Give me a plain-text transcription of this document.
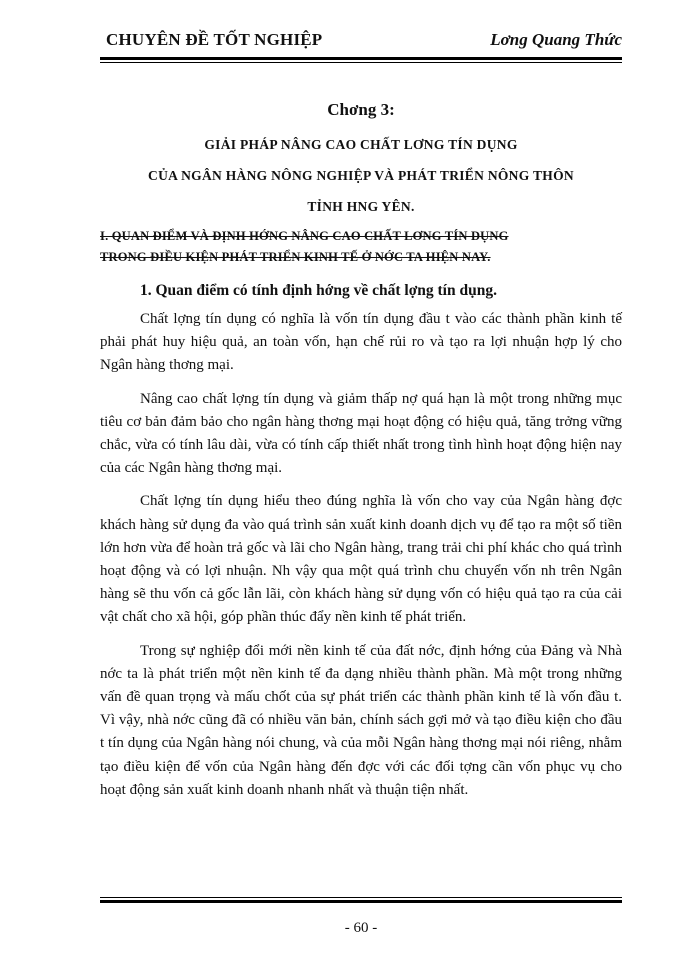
CHUYÊN ĐỀ TỐT NGHIỆP	Lơng Quang Thức
Chơng 3:
GIẢI PHÁP NÂNG CAO CHẤT LƠNG TÍN DỤNG
CỦA NGÂN HÀNG NÔNG NGHIỆP VÀ PHÁT TRIỂN NÔNG THÔN
TỈNH HNG YÊN.
I. QUAN ĐIỂM VÀ ĐỊNH HỚNG NÂNG CAO CHẤT LƠNG TÍN DỤNG
TRONG ĐIỀU KIỆN PHÁT TRIỂN KINH TẾ Ở NỚC TA HIỆN NAY.
1. Quan điểm có tính định hớng về chất lợng tín dụng.

Chất lợng tín dụng có nghĩa là vốn tín dụng đầu t vào các thành phần kinh tế phải phát huy hiệu quả, an toàn vốn, hạn chế rủi ro và tạo ra lợi nhuận hợp lý cho Ngân hàng thơng mại.

Nâng cao chất lợng tín dụng và giảm thấp nợ quá hạn là một trong những mục tiêu cơ bản đảm bảo cho ngân hàng thơng mại hoạt động có hiệu quả, tăng trởng vững chắc, vừa có tính lâu dài, vừa có tính cấp thiết nhất trong tình hình hoạt động hiện nay của các Ngân hàng thơng mại.

Chất lợng tín dụng hiểu theo đúng nghĩa là vốn cho vay của Ngân hàng đợc khách hàng sử dụng đa vào quá trình sản xuất kinh doanh dịch vụ để tạo ra một số tiền lớn hơn vừa để hoàn trả gốc và lãi cho Ngân hàng, trang trải chi phí khác cho quá trình hoạt động và có lợi nhuận. Nh vậy qua một quá trình chu chuyển vốn nh trên Ngân hàng sẽ thu vốn cả gốc lẫn lãi, còn khách hàng sử dụng vốn có hiệu quả tạo ra của cải vật chất cho xã hội, góp phần thúc đẩy nền kinh tế phát triển.

Trong sự nghiệp đổi mới nền kinh tế của đất nớc, định hớng của Đảng và Nhà nớc ta là phát triển một nền kinh tế đa dạng nhiều thành phần. Mà một trong những vấn đề quan trọng và mấu chốt của sự phát triển các thành phần kinh tế là vốn đầu t. Vì vậy, nhà nớc cũng đã có nhiều văn bản, chính sách gợi mở và tạo điều kiện cho đầu t tín dụng của Ngân hàng nói chung, và của mỗi Ngân hàng thơng mại nói riêng, nhằm tạo điều kiện để vốn của Ngân hàng đến đợc với các đối tợng cần vốn phục vụ cho hoạt động sản xuất kinh doanh nhanh nhất và thuận tiện nhất.

- 60 -
